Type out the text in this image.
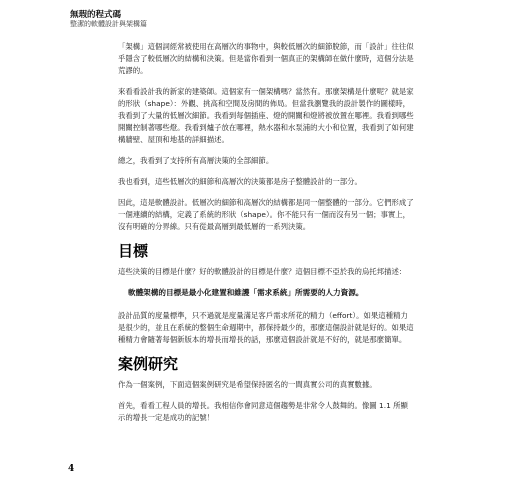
無瑕的程式碼
整潔的軟體設計與架構篇

「架構」這個詞經常被使用在高層次的事物中，與較低層次的細節脫節，而「設計」往往似乎隱含了較低層次的結構和決策。但是當你看到一個真正的架構師在做什麼時，這個分法是荒謬的。

來看看設計我的新家的建築師。這個家有一個架構嗎？當然有。那麼架構是什麼呢？就是家的形狀（shape）：外觀、挑高和空間及房間的佈局。但當我瀏覽我的設計製作的圖樣時，我看到了大量的低層次細節。我看到每個插座、燈的開關和燈將被放置在哪裡。我看到哪些開關控制著哪些燈。我看到爐子放在哪裡，熱水器和水泵浦的大小和位置，我看到了如何建構牆壁、屋頂和地基的詳細描述。

總之，我看到了支持所有高層決策的全部細節。

我也看到，這些低層次的細節和高層次的決策都是房子整體設計的一部分。

因此，這是軟體設計。低層次的細節和高層次的結構都是同一個整體的一部分。它們形成了一個連續的結構，定義了系統的形狀（shape）。你不能只有一個而沒有另一個；事實上，沒有明確的分界線。只有從最高層到最低層的一系列決策。

目標

這些決策的目標是什麼？好的軟體設計的目標是什麼？這個目標不亞於我的烏托邦描述：

軟體架構的目標是最小化建置和維護「需求系統」所需要的人力資源。

設計品質的度量標準，只不過就是度量滿足客戶需求所花的精力（effort）。如果這種精力是很少的，並且在系統的整個生命週期中，都保持最少的，那麼這個設計就是好的。如果這種精力會隨著每個新版本的增長而增長的話，那麼這個設計就是不好的，就是那麼簡單。

案例研究

作為一個案例，下面這個案例研究是希望保持匿名的一間真實公司的真實數據。

首先，看看工程人員的增長。我相信你會同意這個趨勢是非常令人鼓舞的。像圖 1.1 所顯示的增長一定是成功的記號！

4
